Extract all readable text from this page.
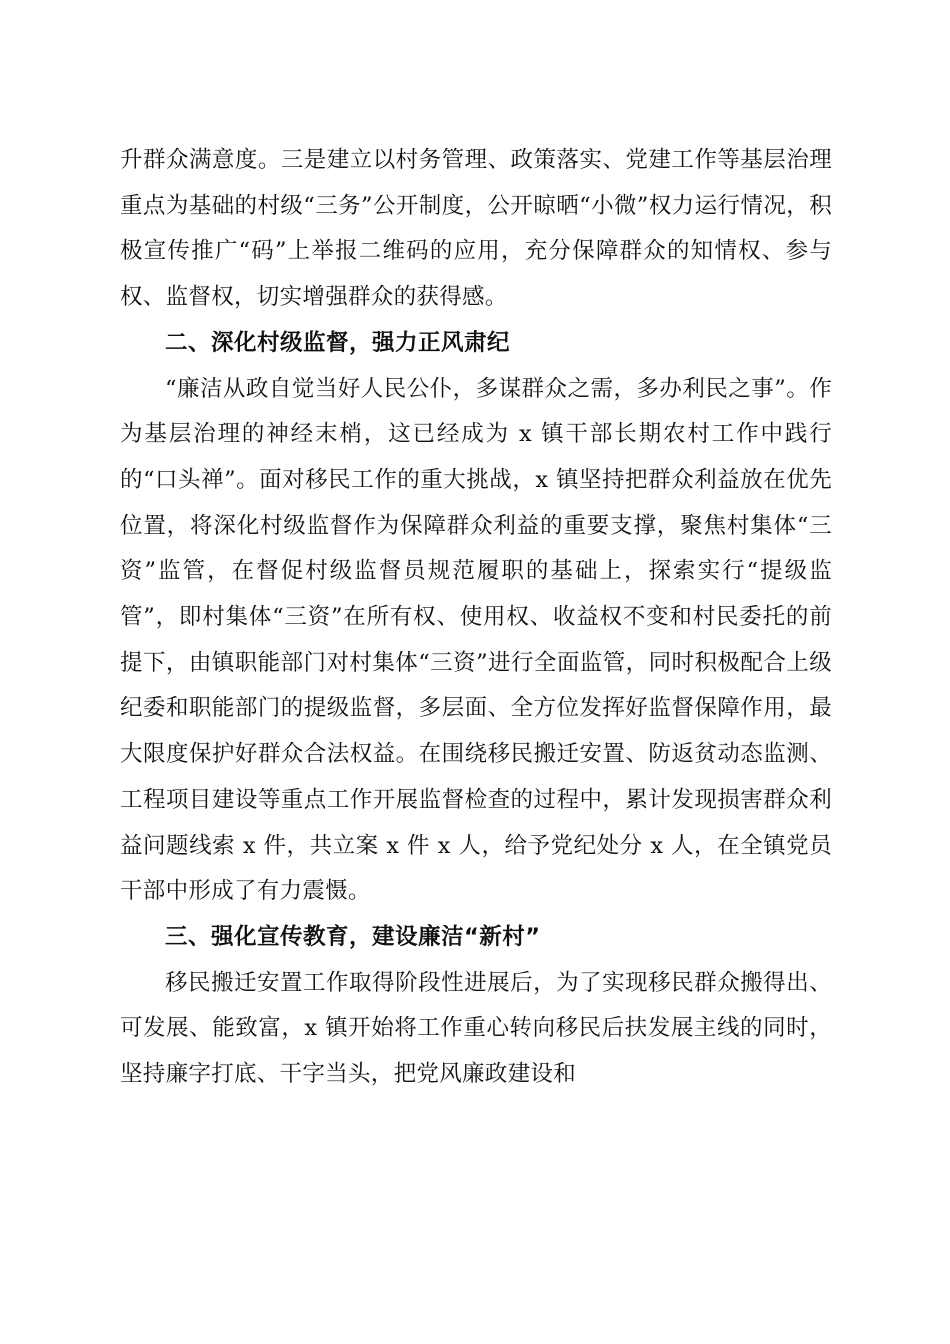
升群众满意度。三是建立以村务管理、政策落实、党建工作等基层治理重点为基础的村级“三务”公开制度，公开晾晒“小微”权力运行情况，积极宣传推广“码”上举报二维码的应用，充分保障群众的知情权、参与权、监督权，切实增强群众的获得感。

二、深化村级监督，强力正风肃纪

“廉洁从政自觉当好人民公仆，多谋群众之需，多办利民之事”。作为基层治理的神经末梢，这已经成为 x 镇干部长期农村工作中践行的“口头禅”。面对移民工作的重大挑战，x 镇坚持把群众利益放在优先位置，将深化村级监督作为保障群众利益的重要支撑，聚焦村集体“三资”监管，在督促村级监督员规范履职的基础上，探索实行“提级监管”，即村集体“三资”在所有权、使用权、收益权不变和村民委托的前提下，由镇职能部门对村集体“三资”进行全面监管，同时积极配合上级纪委和职能部门的提级监督，多层面、全方位发挥好监督保障作用，最大限度保护好群众合法权益。在围绕移民搬迁安置、防返贫动态监测、工程项目建设等重点工作开展监督检查的过程中，累计发现损害群众利益问题线索 x 件，共立案 x 件 x 人，给予党纪处分 x 人，在全镇党员干部中形成了有力震慑。

三、强化宣传教育，建设廉洁“新村”

移民搬迁安置工作取得阶段性进展后，为了实现移民群众搬得出、可发展、能致富，x 镇开始将工作重心转向移民后扶发展主线的同时，坚持廉字打底、干字当头，把党风廉政建设和
